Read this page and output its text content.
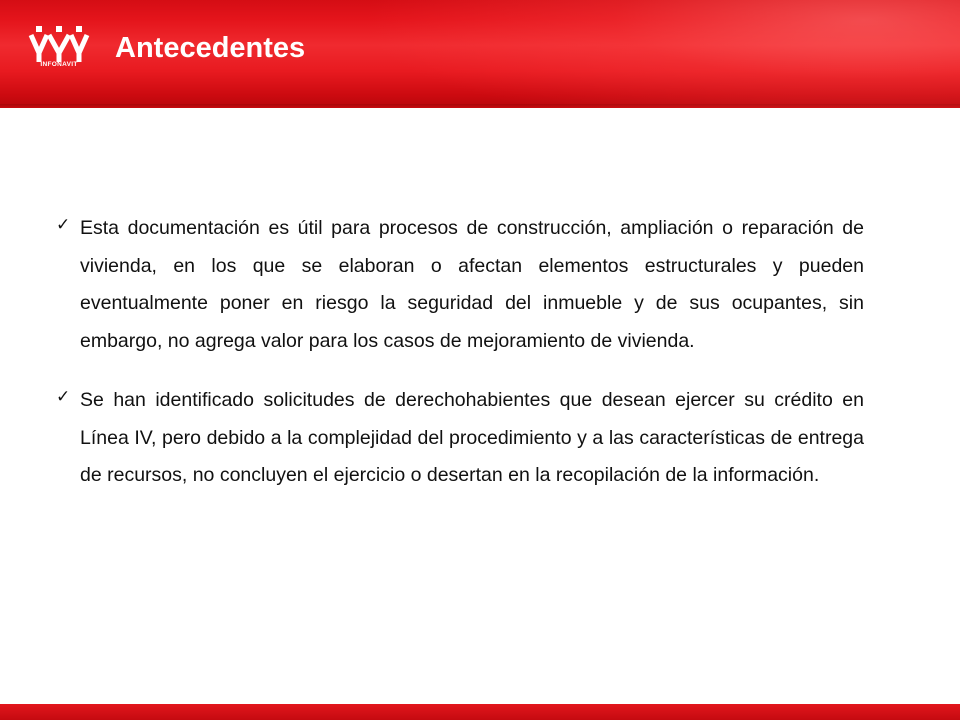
INFONAVIT
Antecedentes
✓ Esta documentación es útil para procesos de construcción, ampliación o reparación de vivienda, en los que se elaboran o afectan elementos estructurales y pueden eventualmente poner en riesgo la seguridad del inmueble y de sus ocupantes, sin embargo, no agrega valor para los casos de mejoramiento de vivienda.

✓ Se han identificado solicitudes de derechohabientes que desean ejercer su crédito en Línea IV, pero debido a la complejidad del procedimiento y a las características de entrega de recursos, no concluyen el ejercicio o desertan en la recopilación de la información.
